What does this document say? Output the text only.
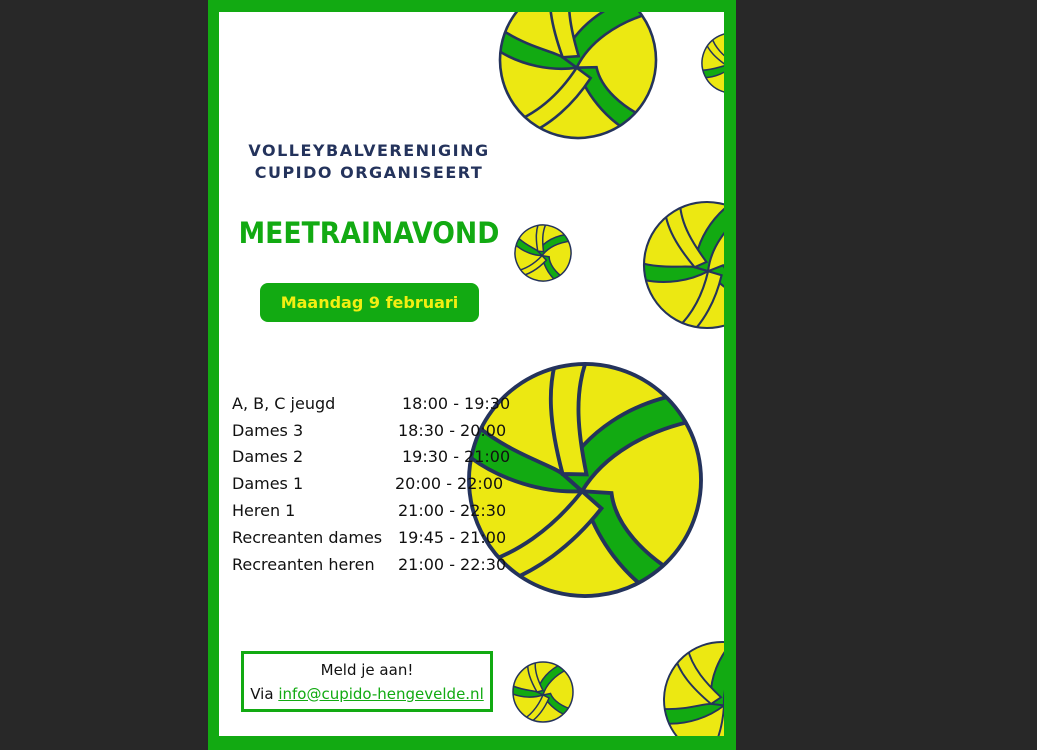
VOLLEYBALVERENIGING
CUPIDO ORGANISEERT
MEETRAINAVOND
Maandag 9 februari
A, B, C jeugd	18:00 - 19:30
Dames 3	18:30 - 20:00
Dames 2	19:30 - 21:00
Dames 1	20:00 - 22:00
Heren 1	21:00 - 22:30
Recreanten dames 19:45 - 21:00
Recreanten heren	21:00 - 22:30
Meld je aan!
Via info@cupido-hengevelde.nl
